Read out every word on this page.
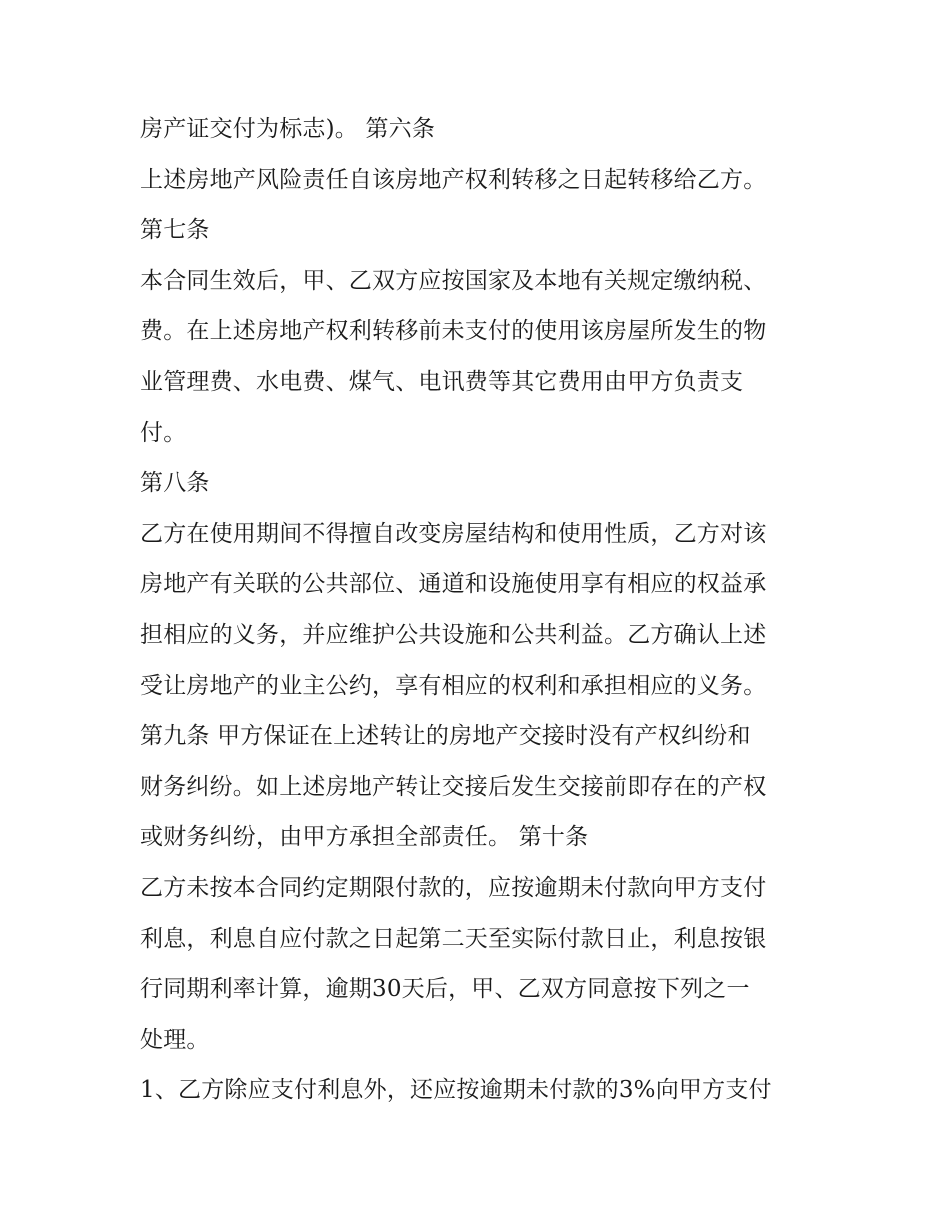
房产证交付为标志)。 第六条
上述房地产风险责任自该房地产权利转移之日起转移给乙方。
第七条
本合同生效后，甲、乙双方应按国家及本地有关规定缴纳税、
费。在上述房地产权利转移前未支付的使用该房屋所发生的物
业管理费、水电费、煤气、电讯费等其它费用由甲方负责支
付。
第八条
乙方在使用期间不得擅自改变房屋结构和使用性质，乙方对该
房地产有关联的公共部位、通道和设施使用享有相应的权益承
担相应的义务，并应维护公共设施和公共利益。乙方确认上述
受让房地产的业主公约，享有相应的权利和承担相应的义务。
第九条 甲方保证在上述转让的房地产交接时没有产权纠纷和
财务纠纷。如上述房地产转让交接后发生交接前即存在的产权
或财务纠纷，由甲方承担全部责任。 第十条
乙方未按本合同约定期限付款的，应按逾期未付款向甲方支付
利息，利息自应付款之日起第二天至实际付款日止，利息按银
行同期利率计算，逾期30天后，甲、乙双方同意按下列之一
处理。
1、乙方除应支付利息外，还应按逾期未付款的3%向甲方支付
